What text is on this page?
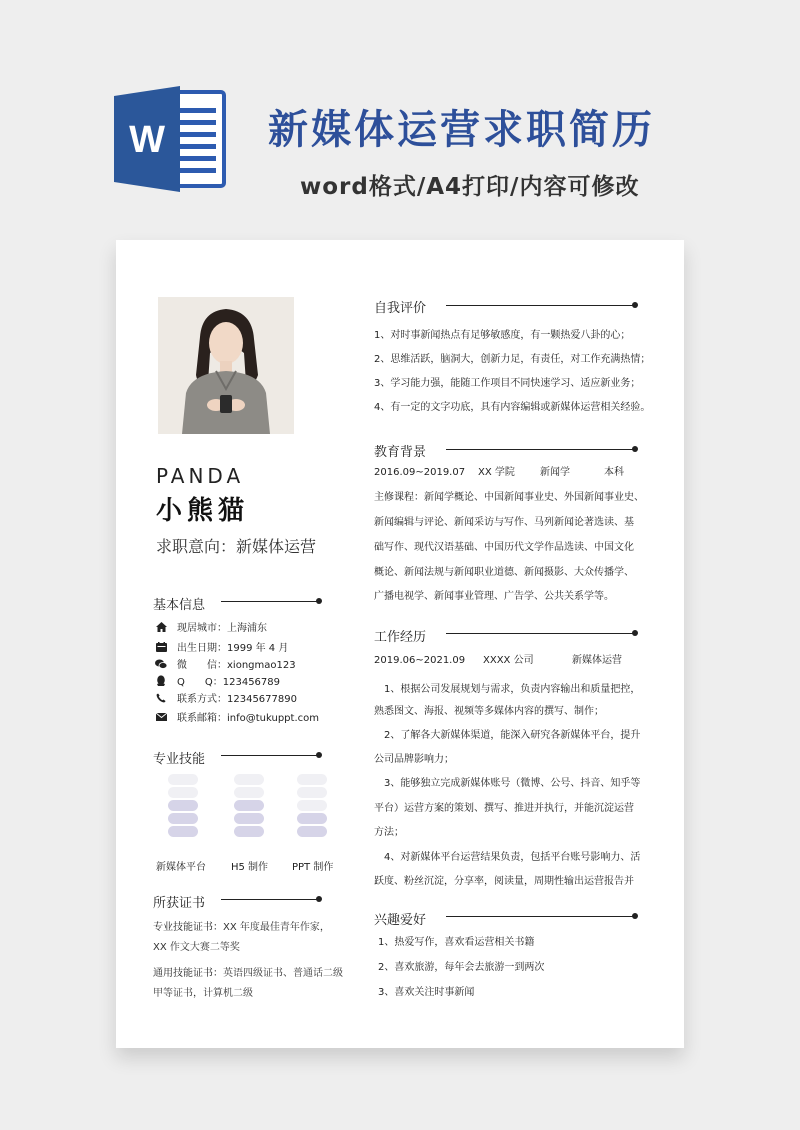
W	新媒体运营求职简历
word格式/A4打印/内容可修改
PANDA
小熊猫
求职意向：新媒体运营
基本信息
现居城市：上海浦东
出生日期：1999 年 4 月
微　　信：xiongmao123
Q　　Q：123456789
联系方式：12345677890
联系邮箱：info@tukuppt.com
专业技能
新媒体平台	H5 制作 PPT 制作
所获证书
专业技能证书：XX 年度最佳青年作家，XX 作文大赛二等奖
通用技能证书：英语四级证书、普通话二级甲等证书，计算机二级
自我评价
1、对时事新闻热点有足够敏感度，有一颗热爱八卦的心；
2、思维活跃，脑洞大，创新力足，有责任，对工作充满热情；
3、学习能力强，能随工作项目不同快速学习、适应新业务；
4、有一定的文字功底，具有内容编辑或新媒体运营相关经验。
教育背景
2016.09~2019.07 XX 学院	新闻学	本科
主修课程：新闻学概论、中国新闻事业史、外国新闻事业史、
新闻编辑与评论、新闻采访与写作、马列新闻论著选读、基
础写作、现代汉语基础、中国历代文学作品选读、中国文化
概论、新闻法规与新闻职业道德、新闻摄影、大众传播学、
广播电视学、新闻事业管理、广告学、公共关系学等。
工作经历
2019.06~2021.09 XXXX 公司	新媒体运营
　1、根据公司发展规划与需求，负责内容输出和质量把控，
熟悉图文、海报、视频等多媒体内容的撰写、制作；
　2、了解各大新媒体渠道，能深入研究各新媒体平台，提升
公司品牌影响力；
　3、能够独立完成新媒体账号（微博、公号、抖音、知乎等
平台）运营方案的策划、撰写、推进并执行，并能沉淀运营
方法；
　4、对新媒体平台运营结果负责，包括平台账号影响力、活
跃度、粉丝沉淀，分享率，阅读量，周期性输出运营报告并
兴趣爱好
1、热爱写作，喜欢看运营相关书籍
2、喜欢旅游，每年会去旅游一到两次
3、喜欢关注时事新闻
